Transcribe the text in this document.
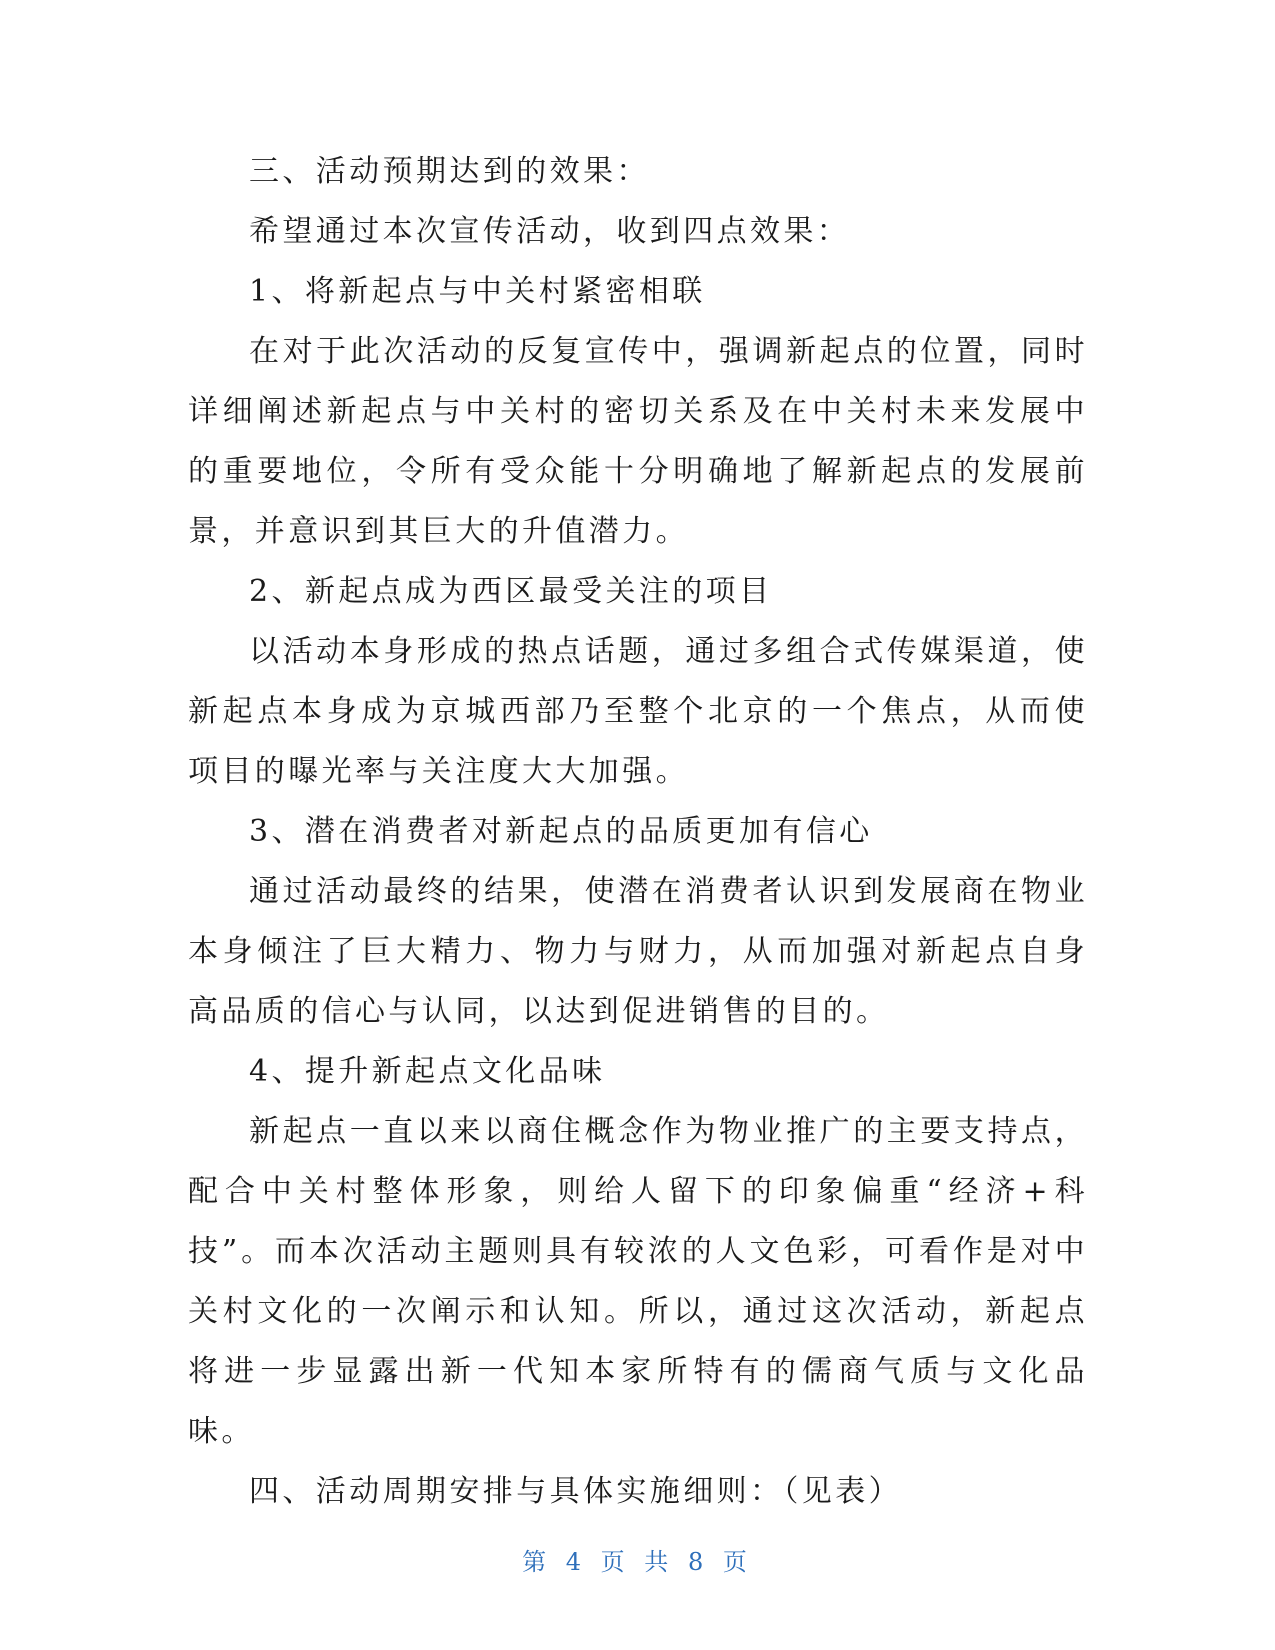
三、活动预期达到的效果：

希望通过本次宣传活动，收到四点效果：

1、将新起点与中关村紧密相联

在对于此次活动的反复宣传中，强调新起点的位置，同时详细阐述新起点与中关村的密切关系及在中关村未来发展中的重要地位，令所有受众能十分明确地了解新起点的发展前景，并意识到其巨大的升值潜力。

2、新起点成为西区最受关注的项目

以活动本身形成的热点话题，通过多组合式传媒渠道，使新起点本身成为京城西部乃至整个北京的一个焦点，从而使项目的曝光率与关注度大大加强。

3、潜在消费者对新起点的品质更加有信心

通过活动最终的结果，使潜在消费者认识到发展商在物业本身倾注了巨大精力、物力与财力，从而加强对新起点自身高品质的信心与认同，以达到促进销售的目的。

4、提升新起点文化品味

新起点一直以来以商住概念作为物业推广的主要支持点，配合中关村整体形象，则给人留下的印象偏重“经济+科技”。而本次活动主题则具有较浓的人文色彩，可看作是对中关村文化的一次阐示和认知。所以，通过这次活动，新起点将进一步显露出新一代知本家所特有的儒商气质与文化品味。

四、活动周期安排与具体实施细则：（见表）

第 4 页 共 8 页
